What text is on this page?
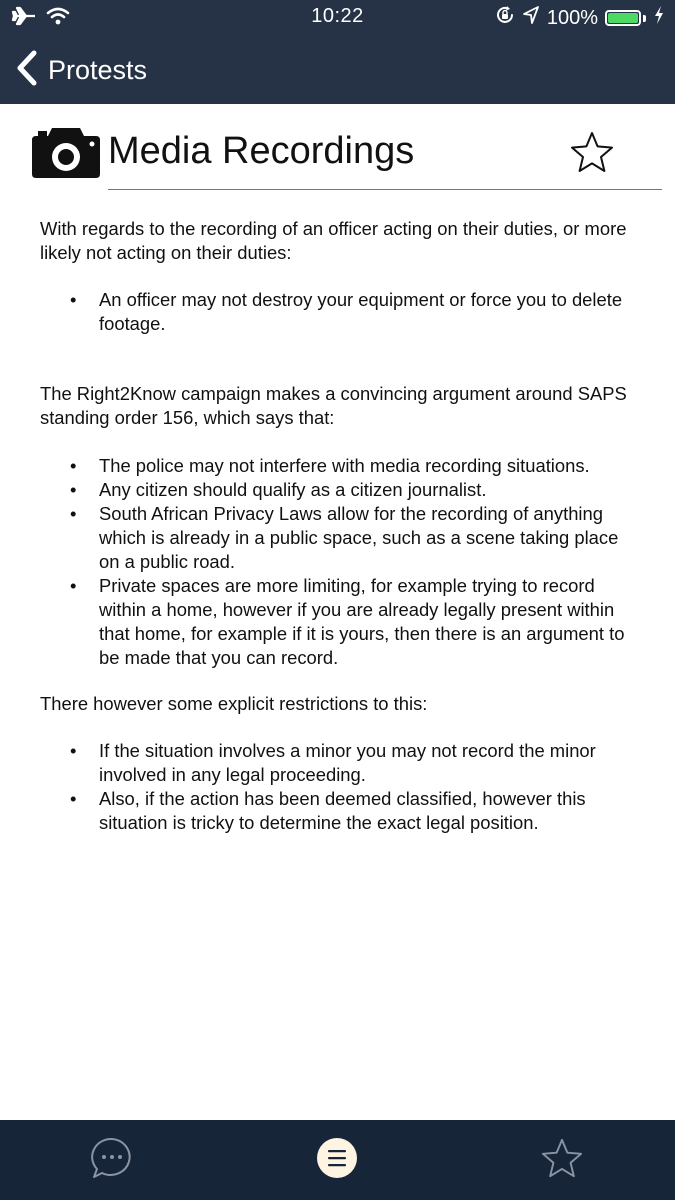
10:22	100%
Protests
Media Recordings

With regards to the recording of an officer acting on their duties, or more likely not acting on their duties:

• An officer may not destroy your equipment or force you to delete footage.

The Right2Know campaign makes a convincing argument around SAPS standing order 156, which says that:

• The police may not interfere with media recording situations.
• Any citizen should qualify as a citizen journalist.
• South African Privacy Laws allow for the recording of anything which is already in a public space, such as a scene taking place on a public road.
• Private spaces are more limiting, for example trying to record within a home, however if you are already legally present within that home, for example if it is yours, then there is an argument to be made that you can record.

There however some explicit restrictions to this:

• If the situation involves a minor you may not record the minor involved in any legal proceeding.
• Also, if the action has been deemed classified, however this situation is tricky to determine the exact legal position.
